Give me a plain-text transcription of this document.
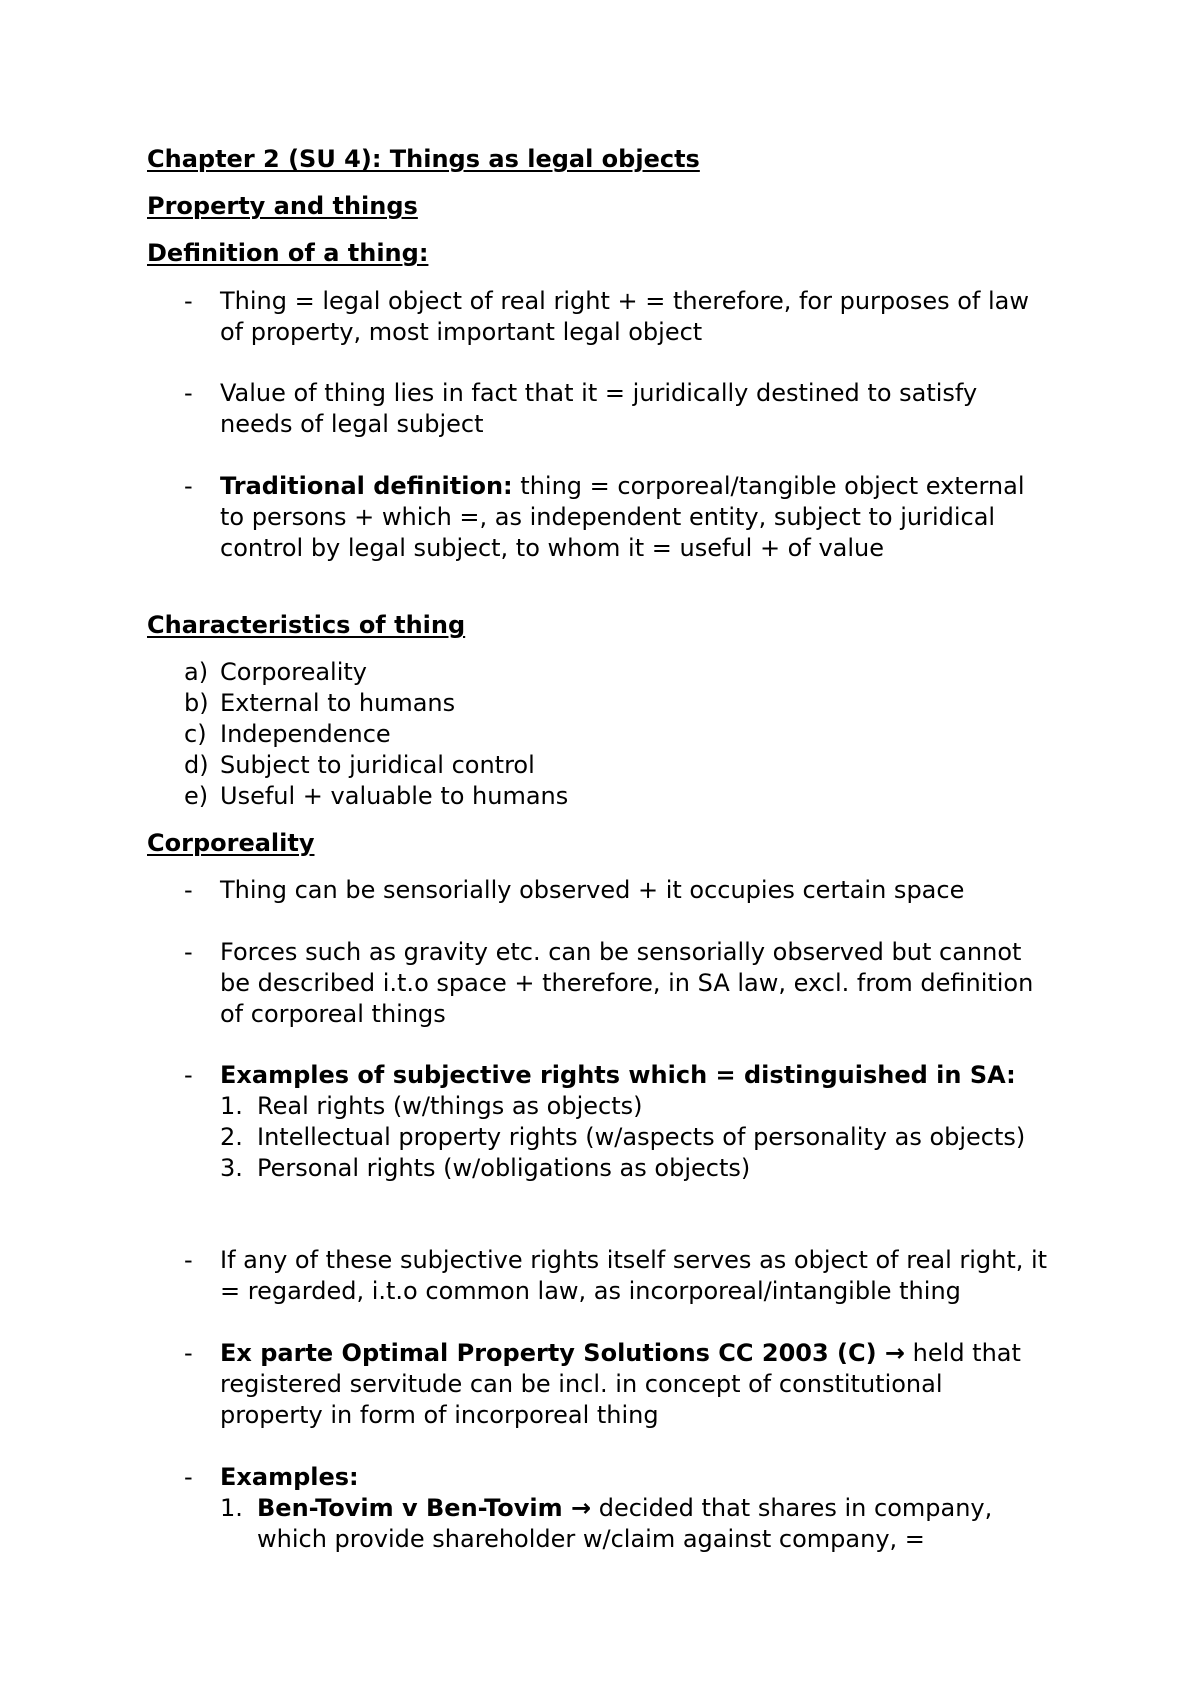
Chapter 2 (SU 4): Things as legal objects
Property and things
Definition of a thing:
- Thing = legal object of real right + = therefore, for purposes of law
of property, most important legal object
- Value of thing lies in fact that it = juridically destined to satisfy
needs of legal subject
- Traditional definition: thing = corporeal/tangible object external
to persons + which =, as independent entity, subject to juridical
control by legal subject, to whom it = useful + of value
Characteristics of thing
a) Corporeality
b) External to humans
c) Independence
d) Subject to juridical control
e) Useful + valuable to humans
Corporeality
- Thing can be sensorially observed + it occupies certain space
- Forces such as gravity etc. can be sensorially observed but cannot
be described i.t.o space + therefore, in SA law, excl. from definition
of corporeal things
- Examples of subjective rights which = distinguished in SA:
1. Real rights (w/things as objects)
2. Intellectual property rights (w/aspects of personality as objects)
3. Personal rights (w/obligations as objects)
- If any of these subjective rights itself serves as object of real right, it
= regarded, i.t.o common law, as incorporeal/intangible thing
- Ex parte Optimal Property Solutions CC 2003 (C) → held that
registered servitude can be incl. in concept of constitutional
property in form of incorporeal thing
- Examples:
1. Ben-Tovim v Ben-Tovim → decided that shares in company,
which provide shareholder w/claim against company, =
